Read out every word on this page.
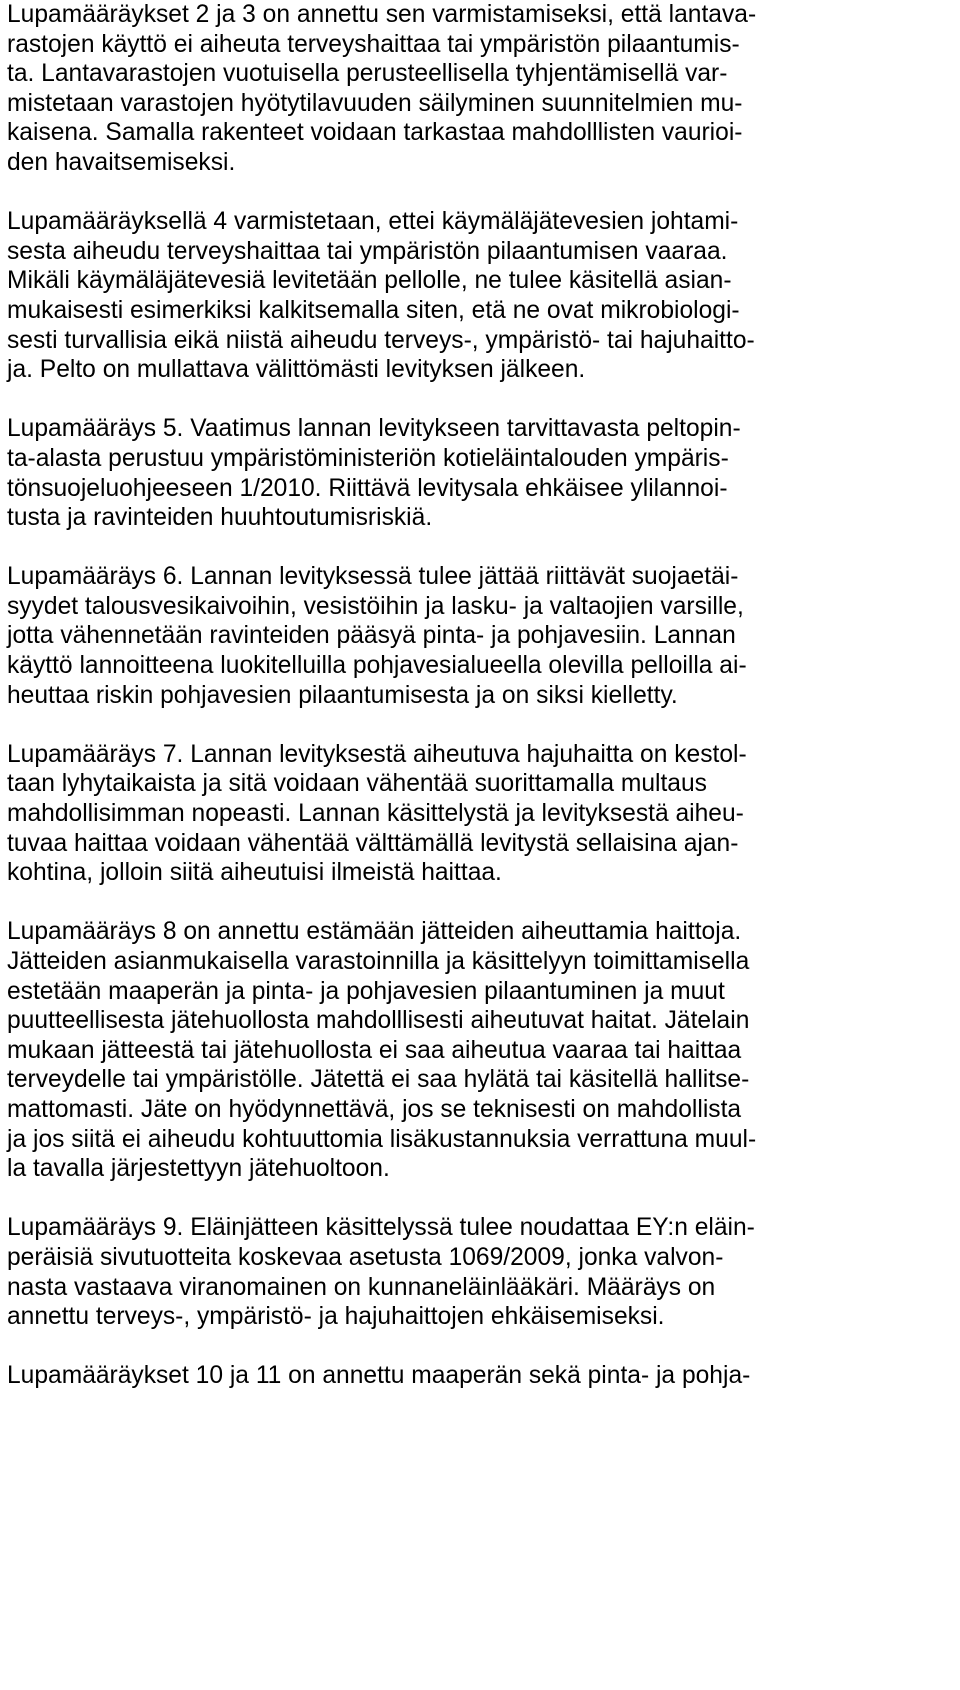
Lupamääräykset 2 ja 3 on annettu sen varmistamiseksi, että lantava-
rastojen käyttö ei aiheuta terveyshaittaa tai ympäristön pilaantumis-
ta. Lantavarastojen vuotuisella perusteellisella tyhjentämisellä var-
mistetaan varastojen hyötytilavuuden säilyminen suunnitelmien mu-
kaisena. Samalla rakenteet voidaan tarkastaa mahdolllisten vaurioi-
den havaitsemiseksi.
Lupamääräyksellä 4 varmistetaan, ettei käymäläjätevesien johtami-
sesta aiheudu terveyshaittaa tai ympäristön pilaantumisen vaaraa.
Mikäli käymäläjätevesiä levitetään pellolle, ne tulee käsitellä asian-
mukaisesti esimerkiksi kalkitsemalla siten, etä ne ovat mikrobiologi-
sesti turvallisia eikä niistä aiheudu terveys-, ympäristö- tai hajuhaitto-
ja. Pelto on mullattava välittömästi levityksen jälkeen.
Lupamääräys 5. Vaatimus lannan levitykseen tarvittavasta peltopin-
ta-alasta perustuu ympäristöministeriön kotieläintalouden ympäris-
tönsuojeluohjeeseen 1/2010. Riittävä levitysala ehkäisee ylilannoi-
tusta ja ravinteiden huuhtoutumisriskiä.
Lupamääräys 6. Lannan levityksessä tulee jättää riittävät suojaetäi-
syydet talousvesikaivoihin, vesistöihin ja lasku- ja valtaojien varsille,
jotta vähennetään ravinteiden pääsyä pinta- ja pohjavesiin. Lannan
käyttö lannoitteena luokitelluilla pohjavesialueella olevilla pelloilla ai-
heuttaa riskin pohjavesien pilaantumisesta ja on siksi kielletty.
Lupamääräys 7. Lannan levityksestä aiheutuva hajuhaitta on kestol-
taan lyhytaikaista ja sitä voidaan vähentää suorittamalla multaus
mahdollisimman nopeasti. Lannan käsittelystä ja levityksestä aiheu-
tuvaa haittaa voidaan vähentää välttämällä levitystä sellaisina ajan-
kohtina, jolloin siitä aiheutuisi ilmeistä haittaa.
Lupamääräys 8 on annettu estämään jätteiden aiheuttamia haittoja.
Jätteiden asianmukaisella varastoinnilla ja käsittelyyn toimittamisella
estetään maaperän ja pinta- ja pohjavesien pilaantuminen ja muut
puutteellisesta jätehuollosta mahdolllisesti aiheutuvat haitat. Jätelain
mukaan jätteestä tai jätehuollosta ei saa aiheutua vaaraa tai haittaa
terveydelle tai ympäristölle. Jätettä ei saa hylätä tai käsitellä hallitse-
mattomasti. Jäte on hyödynnettävä, jos se teknisesti on mahdollista
ja jos siitä ei aiheudu kohtuuttomia lisäkustannuksia verrattuna muul-
la tavalla järjestettyyn jätehuoltoon.
Lupamääräys 9. Eläinjätteen käsittelyssä tulee noudattaa EY:n eläin-
peräisiä sivutuotteita koskevaa asetusta 1069/2009, jonka valvon-
nasta vastaava viranomainen on kunnaneläinlääkäri. Määräys on
annettu terveys-, ympäristö- ja hajuhaittojen ehkäisemiseksi.
Lupamääräykset 10 ja 11 on annettu maaperän sekä pinta- ja pohja-
